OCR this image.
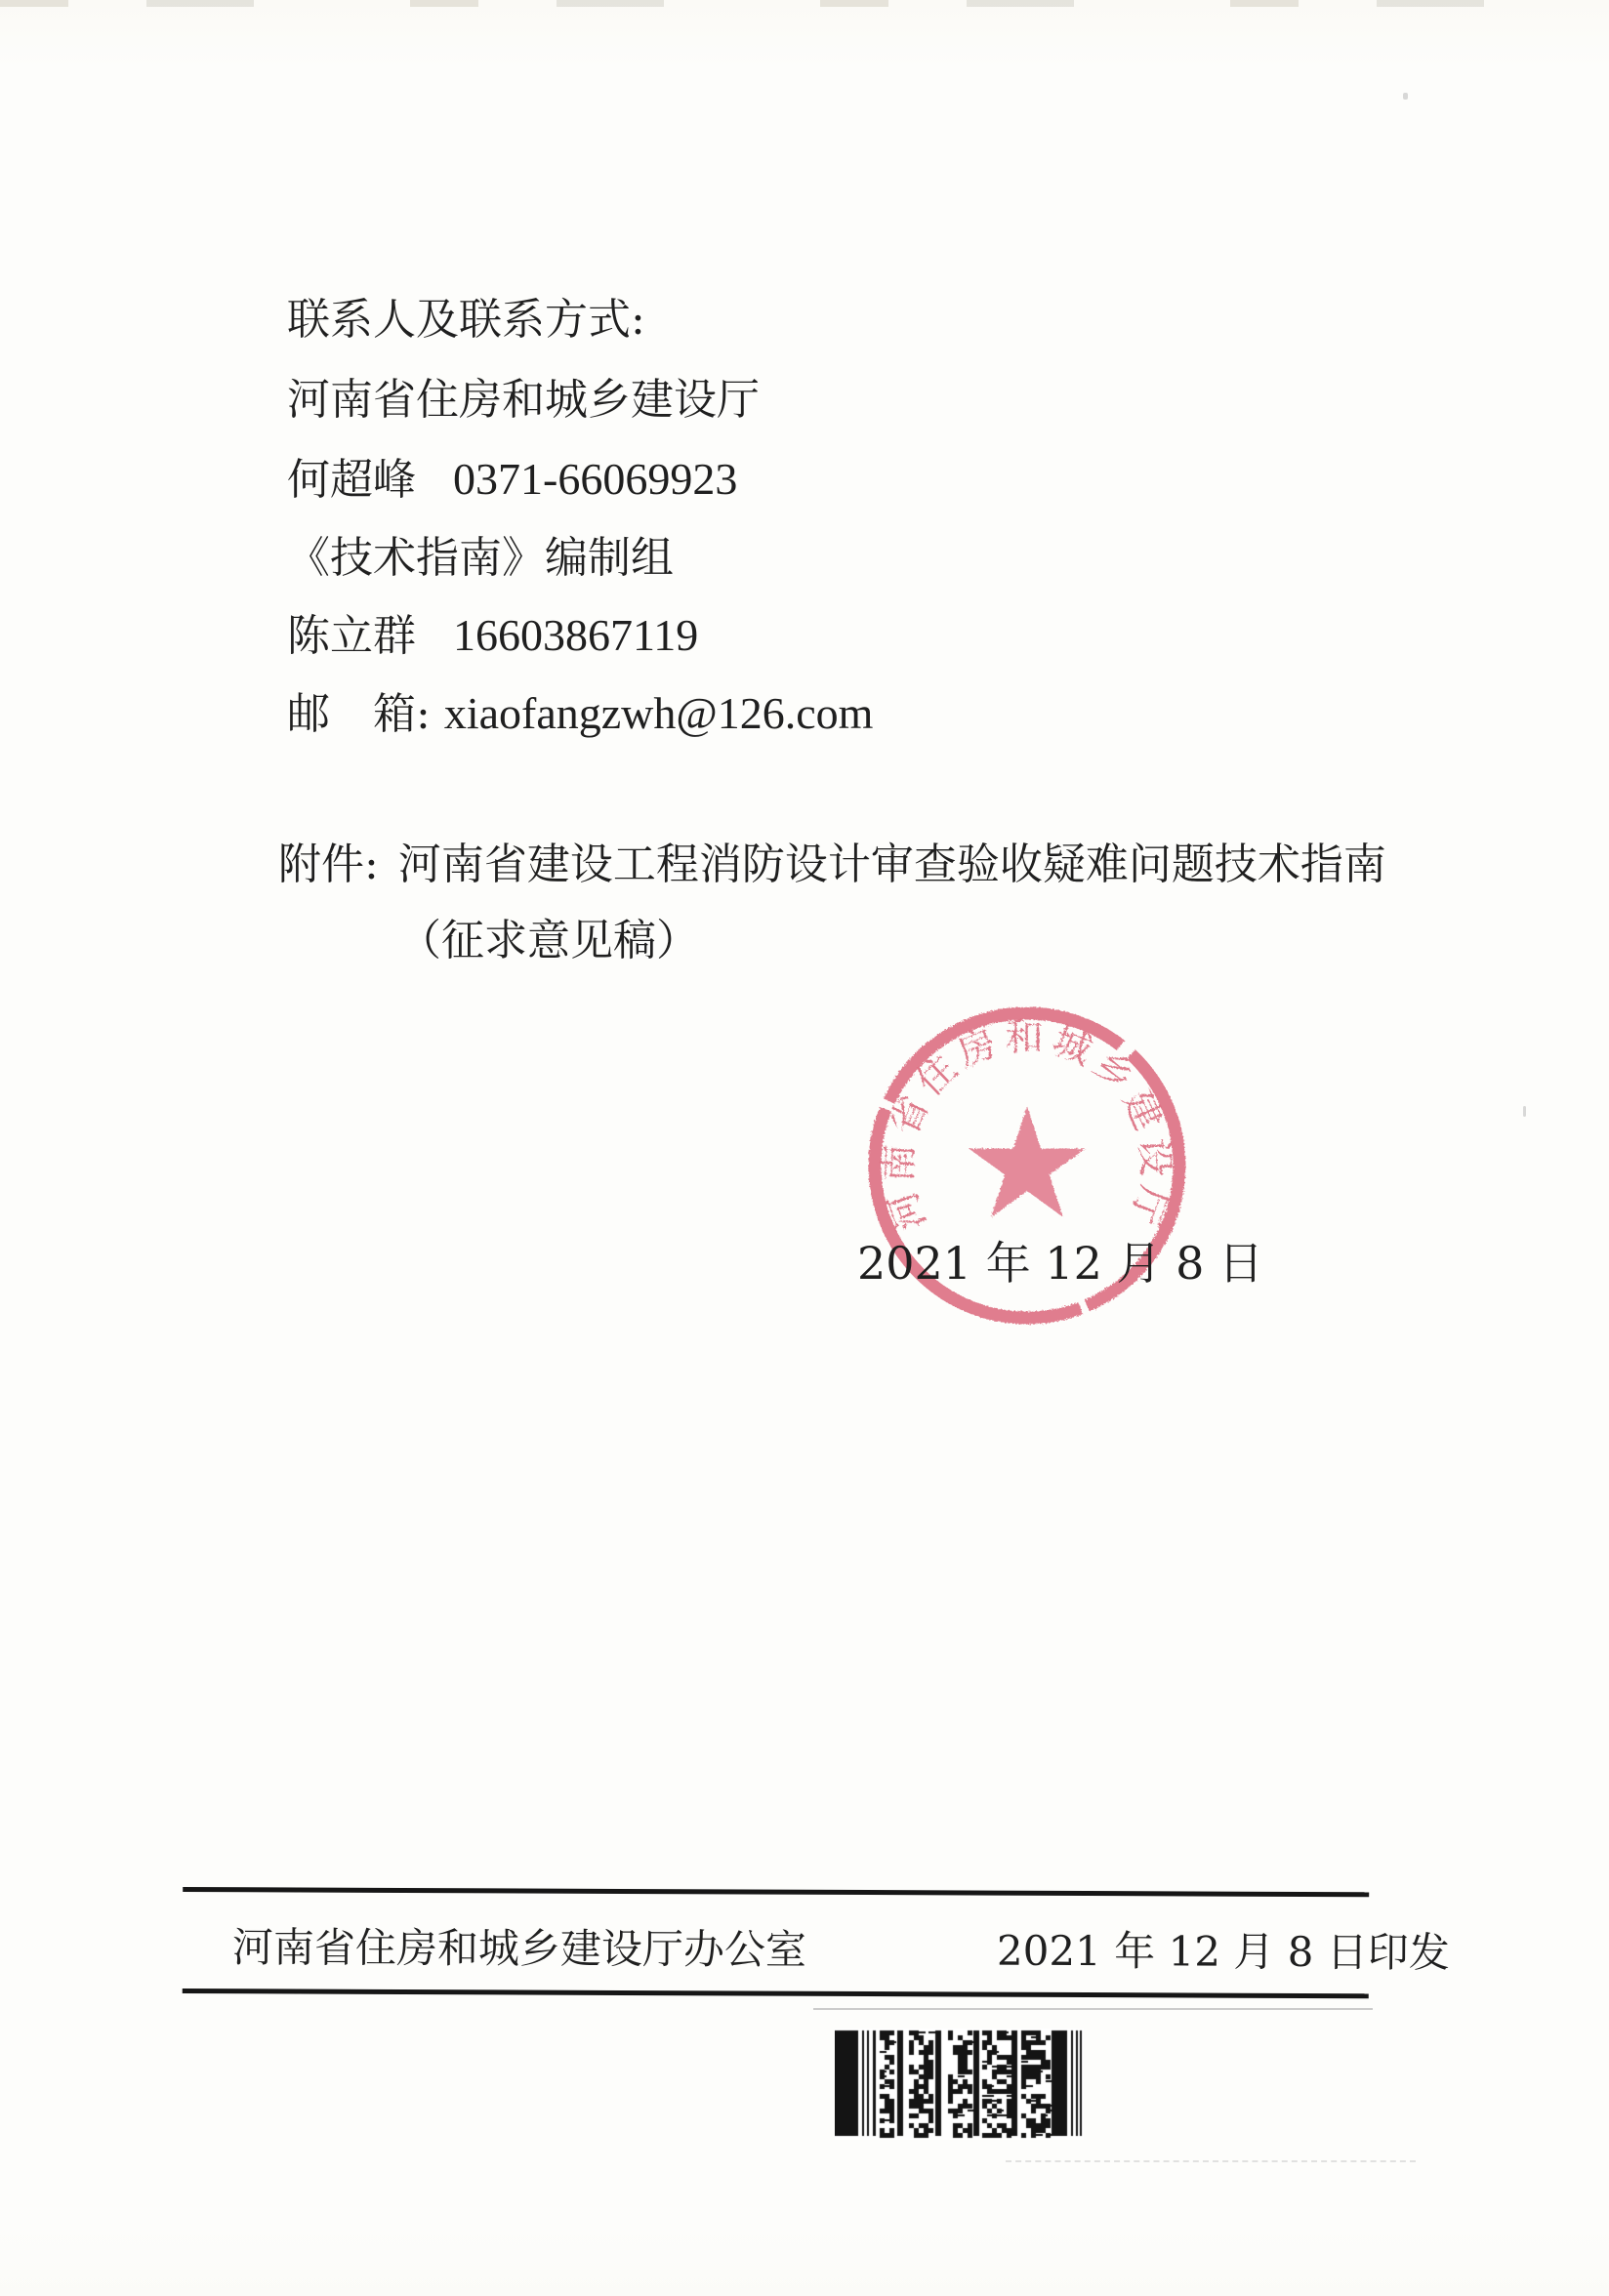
联系人及联系方式:
河南省住房和城乡建设厅
何超峰 0371-66069923
《技术指南》编制组
陈立群 16603867119
邮　箱: xiaofangzwh@126.com
附件: 河南省建设工程消防设计审查验收疑难问题技术指南
（征求意见稿）
河南省住房和城乡建设厅
2021 年 12 月 8 日
河南省住房和城乡建设厅办公室	2021 年 12 月 8 日印发
